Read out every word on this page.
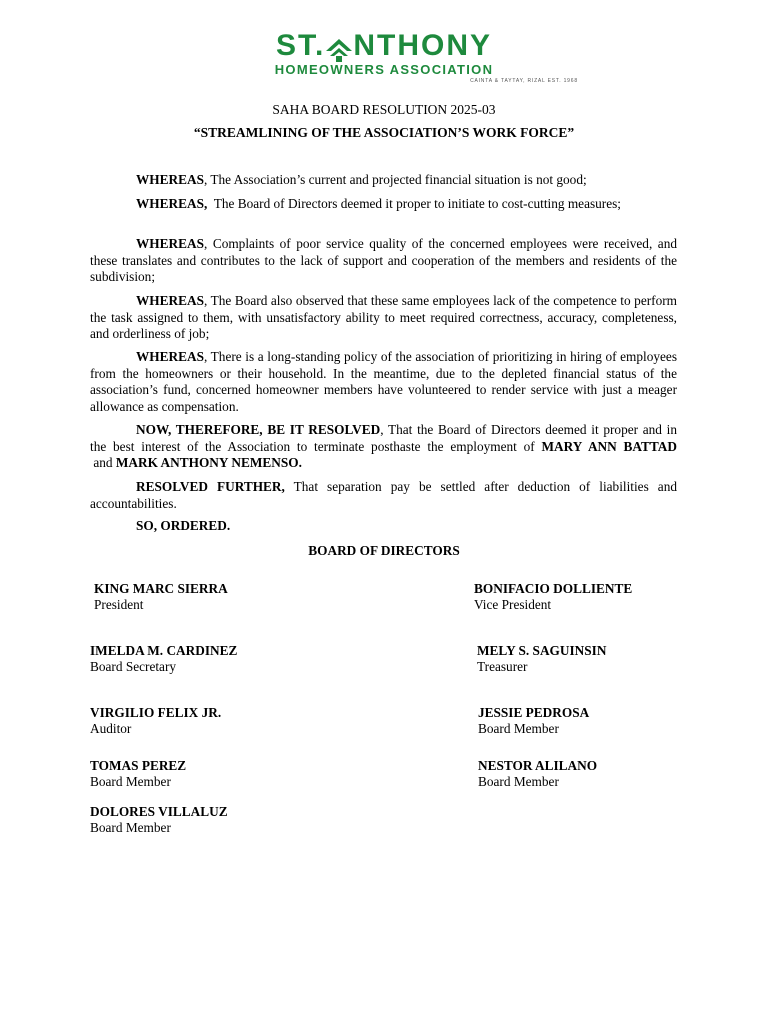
ST. NTHONY
HOMEOWNERS ASSOCIATION
CAINTA & TAYTAY, RIZAL EST. 1968
SAHA BOARD RESOLUTION 2025-03
“STREAMLINING OF THE ASSOCIATION’S WORK FORCE”

WHEREAS, The Association’s current and projected financial situation is not good;

WHEREAS,  The Board of Directors deemed it proper to initiate to cost-cutting measures;

WHEREAS, Complaints of poor service quality of the concerned employees were received, and these translates and contributes to the lack of support and cooperation of the members and residents of the subdivision;

WHEREAS, The Board also observed that these same employees lack of the competence to perform the task assigned to them, with unsatisfactory ability to meet required correctness, accuracy, completeness, and orderliness of job;

WHEREAS, There is a long-standing policy of the association of prioritizing in hiring of employees from the homeowners or their household. In the meantime, due to the depleted financial status of the association’s fund, concerned homeowner members have volunteered to render service with just a meager allowance as compensation.

NOW, THEREFORE, BE IT RESOLVED, That the Board of Directors deemed it proper and in the best interest of the Association to terminate posthaste the employment of MARY ANN BATTAD and MARK ANTHONY NEMENSO.

RESOLVED FURTHER, That separation pay be settled after deduction of liabilities and accountabilities.

SO, ORDERED.

BOARD OF DIRECTORS
KING MARC SIERRA
President
BONIFACIO DOLLIENTE
Vice President
IMELDA M. CARDINEZ
Board Secretary
MELY S. SAGUINSIN
Treasurer
VIRGILIO FELIX JR.
Auditor
JESSIE PEDROSA
Board Member
TOMAS PEREZ
Board Member
NESTOR ALILANO
Board Member
DOLORES VILLALUZ
Board Member
